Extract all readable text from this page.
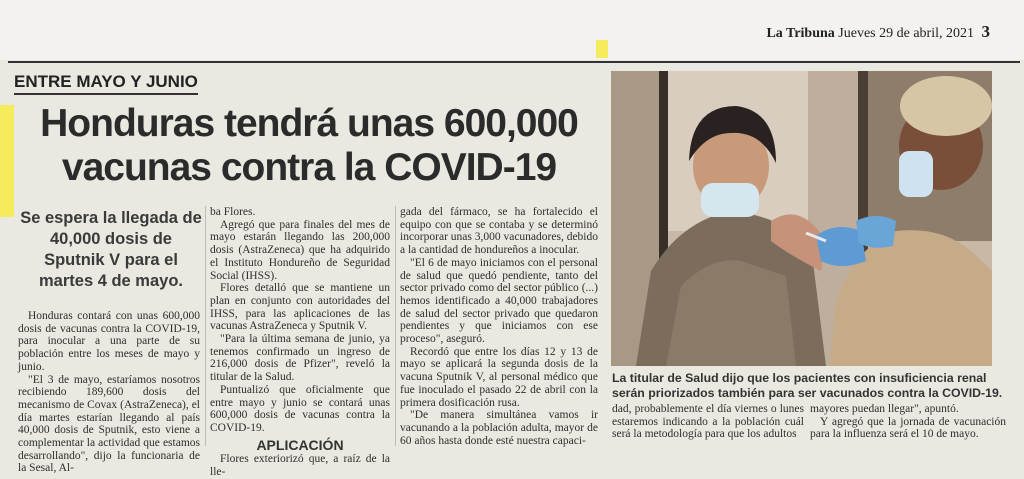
La Tribuna Jueves 29 de abril, 2021 3
ENTRE MAYO Y JUNIO
Honduras tendrá unas 600,000 vacunas contra la COVID-19
Se espera la llegada de 40,000 dosis de Sputnik V para el martes 4 de mayo.

Honduras contará con unas 600,000 dosis de vacunas contra la COVID-19, para inocular a una parte de su población entre los meses de mayo y junio.

"El 3 de mayo, estaríamos nosotros recibiendo 189,600 dosis del mecanismo de Covax (AstraZeneca), el día martes estarían llegando al país 40,000 dosis de Sputnik, esto viene a complementar la actividad que estamos desarrollando", dijo la funcionaria de la Sesal, Al-

ba Flores.

Agregó que para finales del mes de mayo estarán llegando las 200,000 dosis (AstraZeneca) que ha adquirido el Instituto Hondureño de Seguridad Social (IHSS).

Flores detalló que se mantiene un plan en conjunto con autoridades del IHSS, para las aplicaciones de las vacunas AstraZeneca y Sputnik V.

"Para la última semana de junio, ya tenemos confirmado un ingreso de 216,000 dosis de Pfizer", reveló la titular de la Salud.

Puntualizó que oficialmente que entre mayo y junio se contará unas 600,000 dosis de vacunas contra la COVID-19.

APLICACIÓN

Flores exteriorizó que, a raíz de la lle-

gada del fármaco, se ha fortalecido el equipo con que se contaba y se determinó incorporar unas 3,000 vacunadores, debido a la cantidad de hondureños a inocular.

"El 6 de mayo iniciamos con el personal de salud que quedó pendiente, tanto del sector privado como del sector público (...) hemos identificado a 40,000 trabajadores de salud del sector privado que quedaron pendientes y que iniciamos con ese proceso", aseguró.

Recordó que entre los días 12 y 13 de mayo se aplicará la segunda dosis de la vacuna Sputnik V, al personal médico que fue inoculado el pasado 22 de abril con la primera dosificación rusa.

"De manera simultánea vamos ir vacunando a la población adulta, mayor de 60 años hasta donde esté nuestra capaci-

La titular de Salud dijo que los pacientes con insuficiencia renal serán priorizados también para ser vacunados contra la COVID-19.

dad, probablemente el día viernes o lunes estaremos indicando a la población cuál será la metodología para que los adultos

mayores puedan llegar", apuntó.

Y agregó que la jornada de vacunación para la influenza será el 10 de mayo.
